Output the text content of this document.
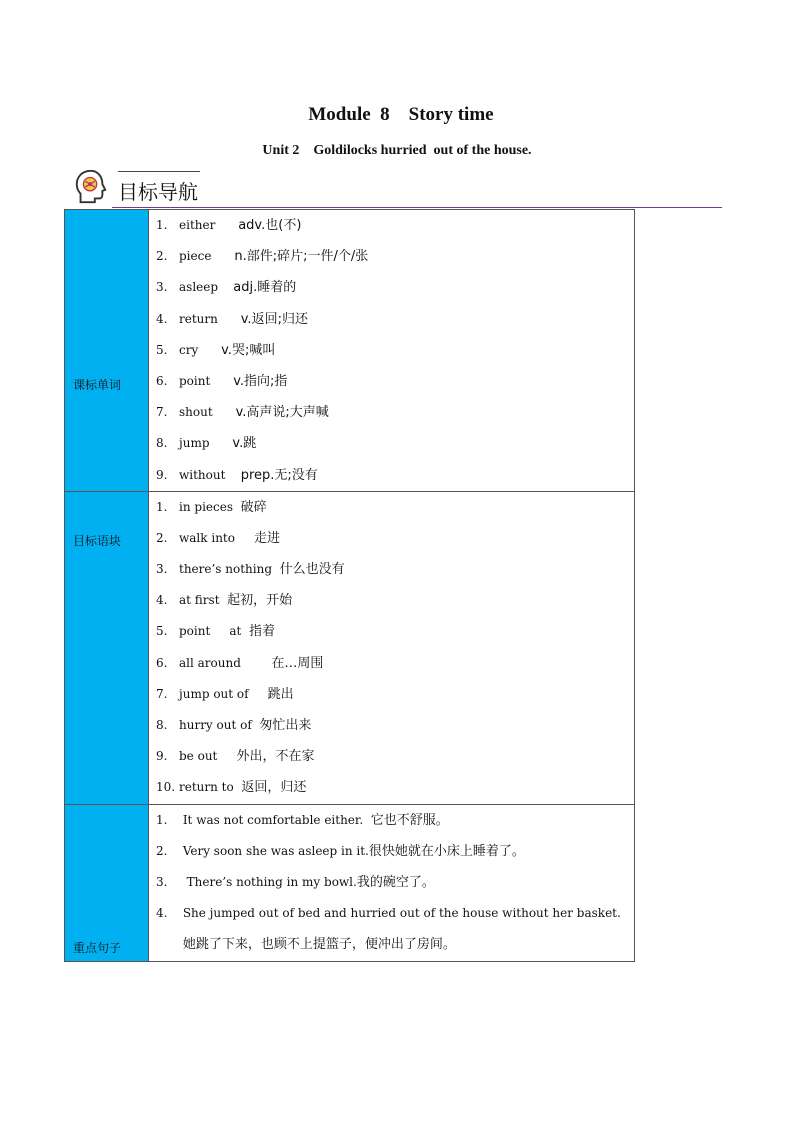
Module  8    Story time
Unit 2    Goldilocks hurried  out of the house.
目标导航
课标单词
1. either      adv.也(不)
2. piece      n.部件;碎片;一件/个/张
3. asleep    adj.睡着的
4. return      v.返回;归还
5. cry      v.哭;喊叫
6. point      v.指向;指
7. shout      v.高声说;大声喊
8. jump      v.跳
9. without    prep.无;没有
目标语块
1. in pieces  破碎
2. walk into     走进
3. there’s nothing  什么也没有
4. at first  起初，开始
5. point     at  指着
6. all around        在…周围
7. jump out of     跳出
8. hurry out of  匆忙出来
9. be out     外出，不在家
10. return to  返回，归还
重点句子
1. It was not comfortable either.  它也不舒服。
2. Very soon she was asleep in it.很快她就在小床上睡着了。
3.  There’s nothing in my bowl.我的碗空了。
4. She jumped out of bed and hurried out of the house without her basket.
她跳了下来，也顾不上提篮子，便冲出了房间。
